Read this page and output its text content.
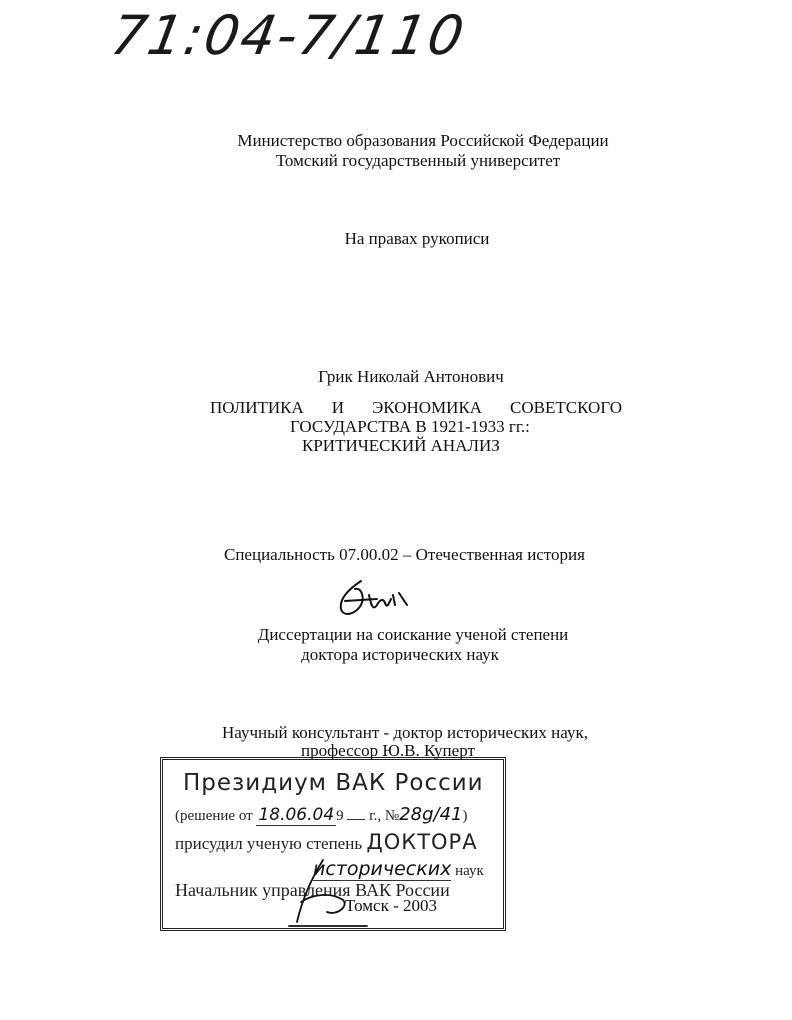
71:04-7/110
Министерство образования Российской Федерации
Томский государственный университет
На правах рукописи
Грик Николай Антонович
ПОЛИТИКА И ЭКОНОМИКА СОВЕТСКОГО
ГОСУДАРСТВА В 1921-1933 гг.:
КРИТИЧЕСКИЙ АНАЛИЗ
Специальность 07.00.02 – Отечественная история
Диссертации на соискание ученой степени
доктора исторических наук
Научный консультант - доктор исторических наук,
профессор Ю.В. Куперт
Президиум ВАК России
(решение от 18.06.04 9 г., №28g/41)
присудил ученую степень ДОКТОРА
исторических наук
Начальник управления ВАК России
Томск - 2003
